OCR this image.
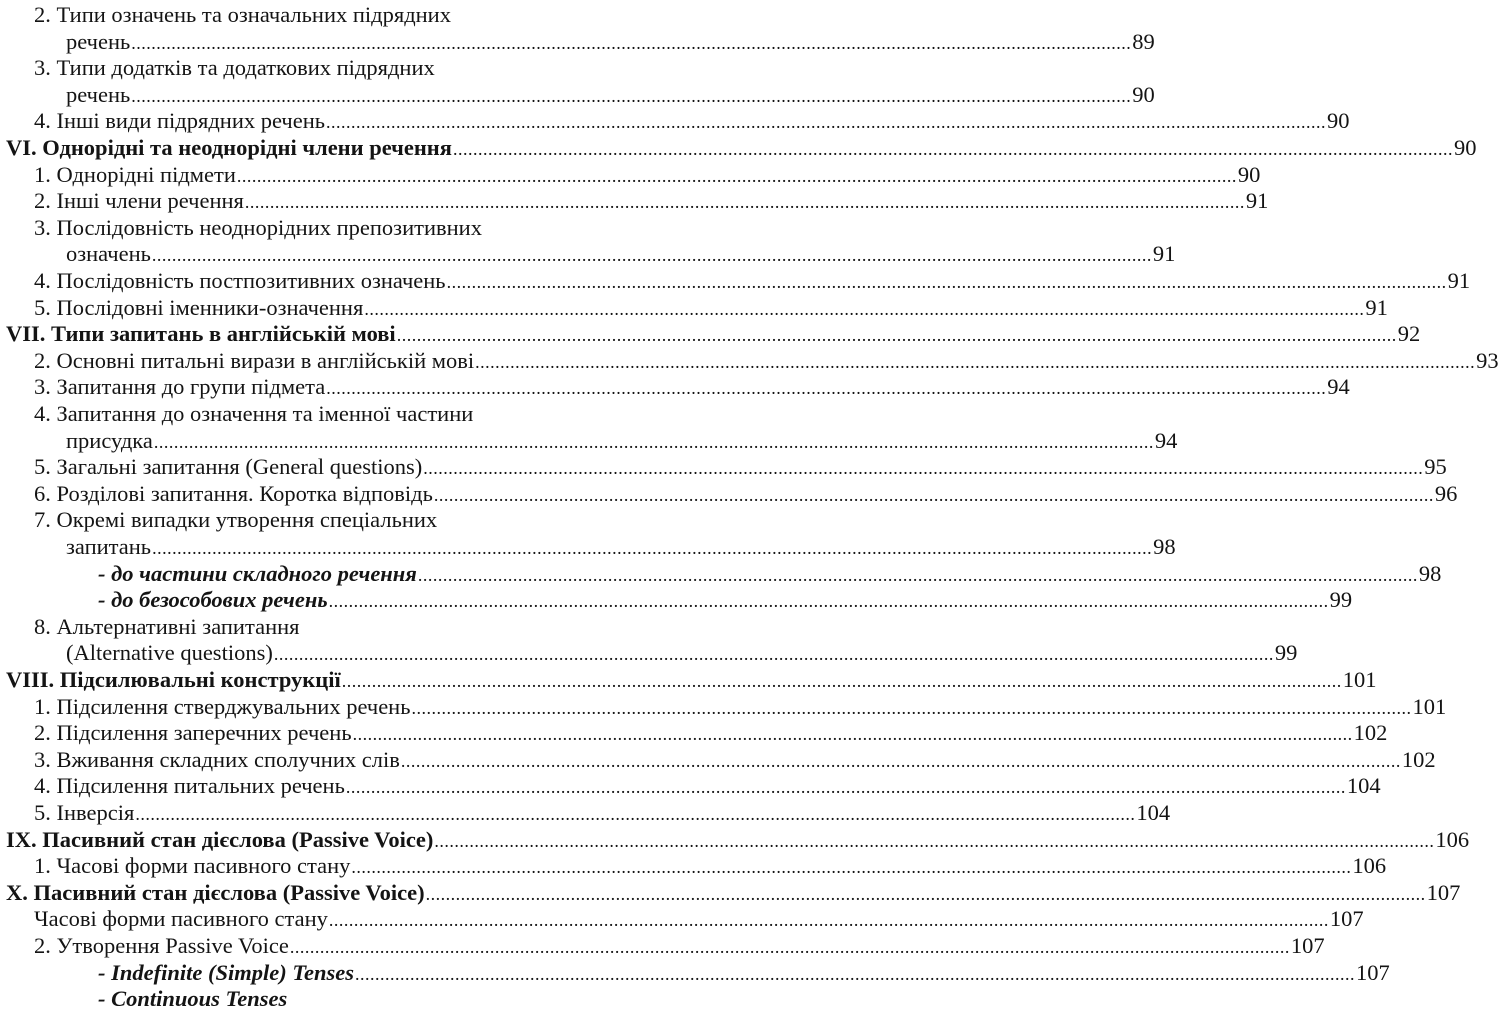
2. Типи означень та означальних підрядних
речень ........................................................................................................................................................................................................ 89
3. Типи додатків та додаткових підрядних
речень ........................................................................................................................................................................................................ 90
4. Інші види підрядних речень ........................................................................................................................................................................................................ 90
VI. Однорідні та неоднорідні члени речення ........................................................................................................................................................................................................ 90
1. Однорідні підмети ........................................................................................................................................................................................................ 90
2. Інші члени речення ........................................................................................................................................................................................................ 91
3. Послідовність неоднорідних препозитивних
означень ........................................................................................................................................................................................................ 91
4. Послідовність постпозитивних означень ........................................................................................................................................................................................................ 91
5. Послідовні іменники-означення ........................................................................................................................................................................................................ 91
VII. Типи запитань в англійській мові ........................................................................................................................................................................................................ 92
2. Основні питальні вирази в англійській мові ........................................................................................................................................................................................................ 93
3. Запитання до групи підмета ........................................................................................................................................................................................................ 94
4. Запитання до означення та іменної частини
присудка ........................................................................................................................................................................................................ 94
5. Загальні запитання (General questions) ........................................................................................................................................................................................................ 95
6. Розділові запитання. Коротка відповідь ........................................................................................................................................................................................................ 96
7. Окремі випадки утворення спеціальних
запитань ........................................................................................................................................................................................................ 98
- до частини складного речення ........................................................................................................................................................................................................ 98
- до безособових речень ........................................................................................................................................................................................................ 99
8. Альтернативні запитання
(Alternative questions) ........................................................................................................................................................................................................ 99
VIII. Підсилювальні конструкції ........................................................................................................................................................................................................ 101
1. Підсилення стверджувальних речень ........................................................................................................................................................................................................ 101
2. Підсилення заперечних речень ........................................................................................................................................................................................................ 102
3. Вживання складних сполучних слів ........................................................................................................................................................................................................ 102
4. Підсилення питальних речень ........................................................................................................................................................................................................ 104
5. Інверсія ........................................................................................................................................................................................................ 104
IX. Пасивний стан дієслова (Passive Voice) ........................................................................................................................................................................................................ 106
1. Часові форми пасивного стану ........................................................................................................................................................................................................ 106
X. Пасивний стан дієслова (Passive Voice) ........................................................................................................................................................................................................ 107
Часові форми пасивного стану ........................................................................................................................................................................................................ 107
2. Утворення Passive Voice ........................................................................................................................................................................................................ 107
- Indefinite (Simple) Tenses ........................................................................................................................................................................................................ 107
- Continuous Tenses
